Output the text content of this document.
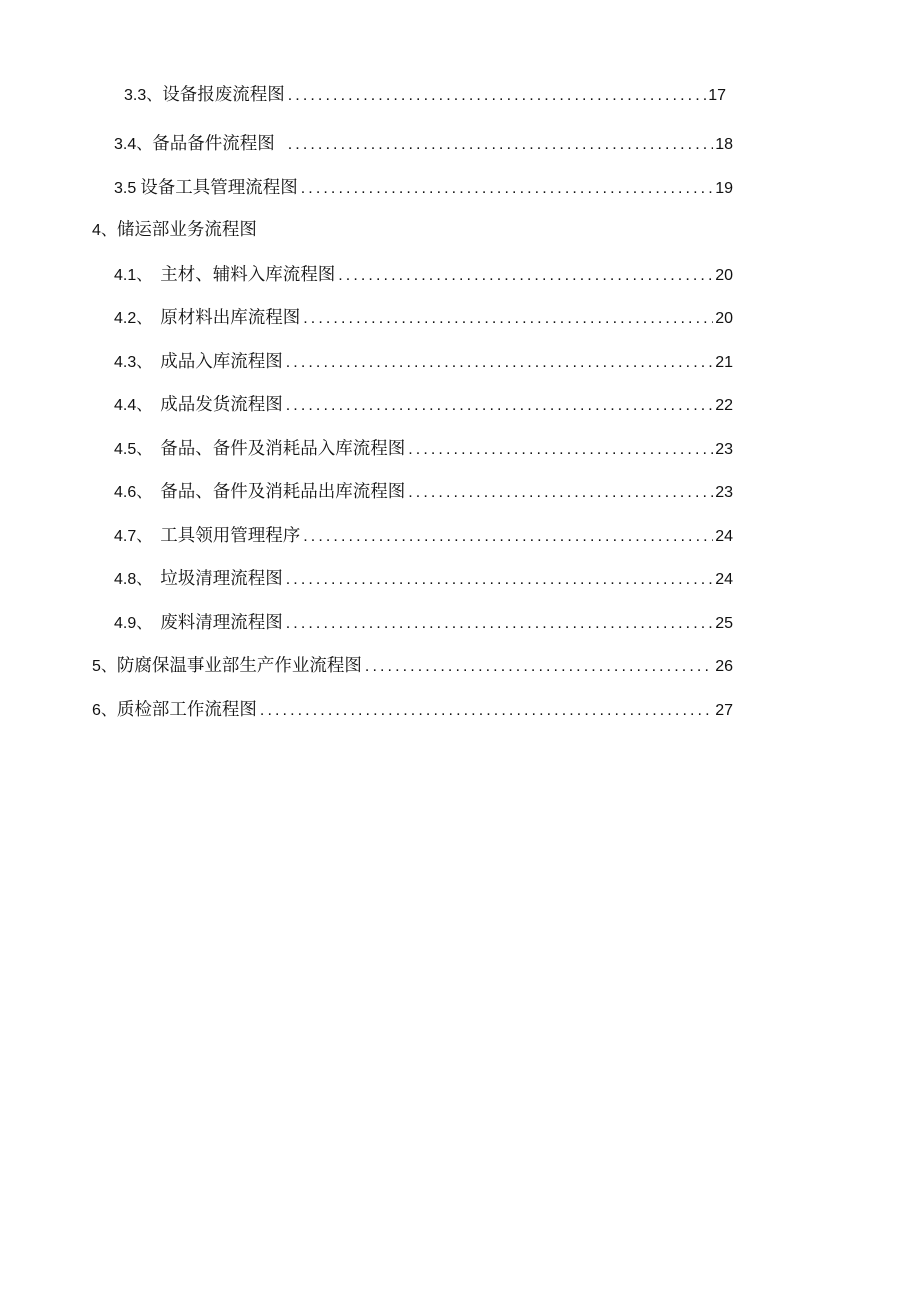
3.3、 设备报废流程图 .....	17
3.4、 备品备件流程图 .....	18
3.5 设备工具管理流程图 .....	19
4、 储运部业务流程图
4.1、 主材、辅料入库流程图 .....	20
4.2、 原材料出库流程图 .....	20
4.3、 成品入库流程图 .....	21
4.4、 成品发货流程图 .....	22
4.5、 备品、备件及消耗品入库流程图 .....	23
4.6、 备品、备件及消耗品出库流程图 .....	23
4.7、 工具领用管理程序 .....	24
4.8、 垃圾清理流程图 .....	24
4.9、 废料清理流程图 .....	25
5、 防腐保温事业部生产作业流程图 .....	26
6、 质检部工作流程图 .....	27
